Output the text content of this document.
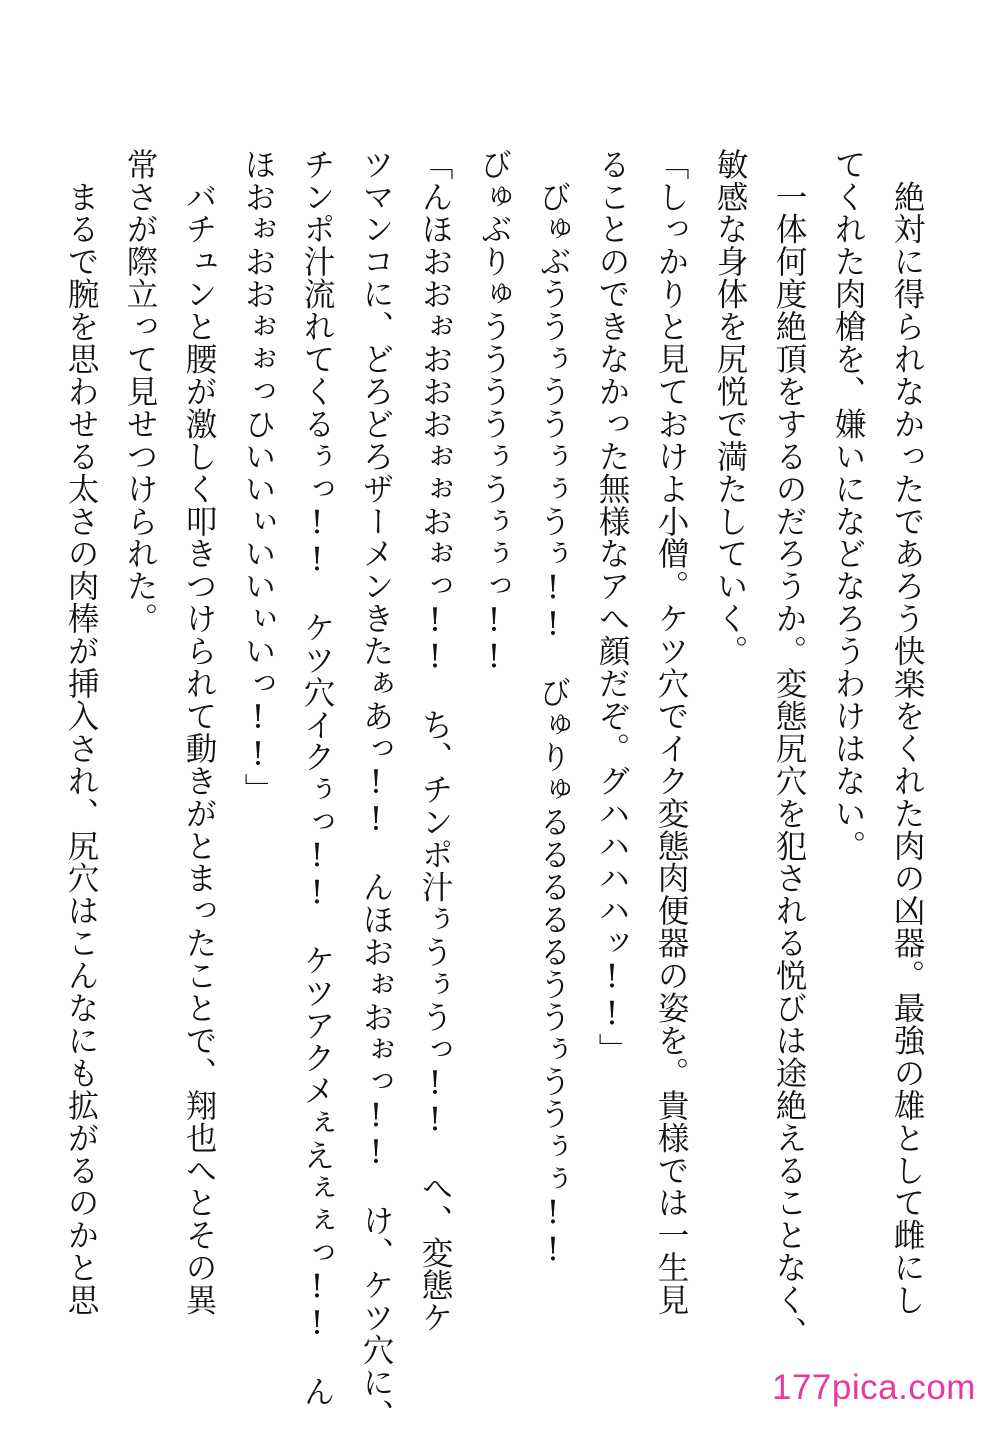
　絶対に得られなかったであろう快楽をくれた肉の凶器。最強の雄として雌にし
てくれた肉槍を、嫌いになどなろうわけはない。
　一体何度絶頂をするのだろうか。変態尻穴を犯される悦びは途絶えることなく、
敏感な身体を尻悦で満たしていく。
「しっかりと見ておけよ小僧。ケツ穴でイク変態肉便器の姿を。貴様では一生見
ることのできなかった無様なアへ顔だぞ。グハハハハッ!!」
　びゅぶううぅううぅぅうぅ!!　びゅりゅるるるるるううぅううぅぅ!!
びゅぶりゅううううぅうぅぅっ!!
「んほおおぉおおおぉぉおぉっ!!　ち、チンポ汁ぅうぅうっ!!　へ、変態ケ
ツマンコに、どろどろザーメンきたぁあっ!!　んほおぉおぉっ!!　け、ケツ穴に、
チンポ汁流れてくるぅっ!!　ケツ穴イクぅっ!!　ケツアクメぇえぇぇっ!!　ん
ほおぉおおぉぉっひいいぃいいぃいっ!!」
　バチュンと腰が激しく叩きつけられて動きがとまったことで、翔也へとその異
常さが際立って見せつけられた。
　まるで腕を思わせる太さの肉棒が挿入され、尻穴はこんなにも拡がるのかと思
177pica.com
